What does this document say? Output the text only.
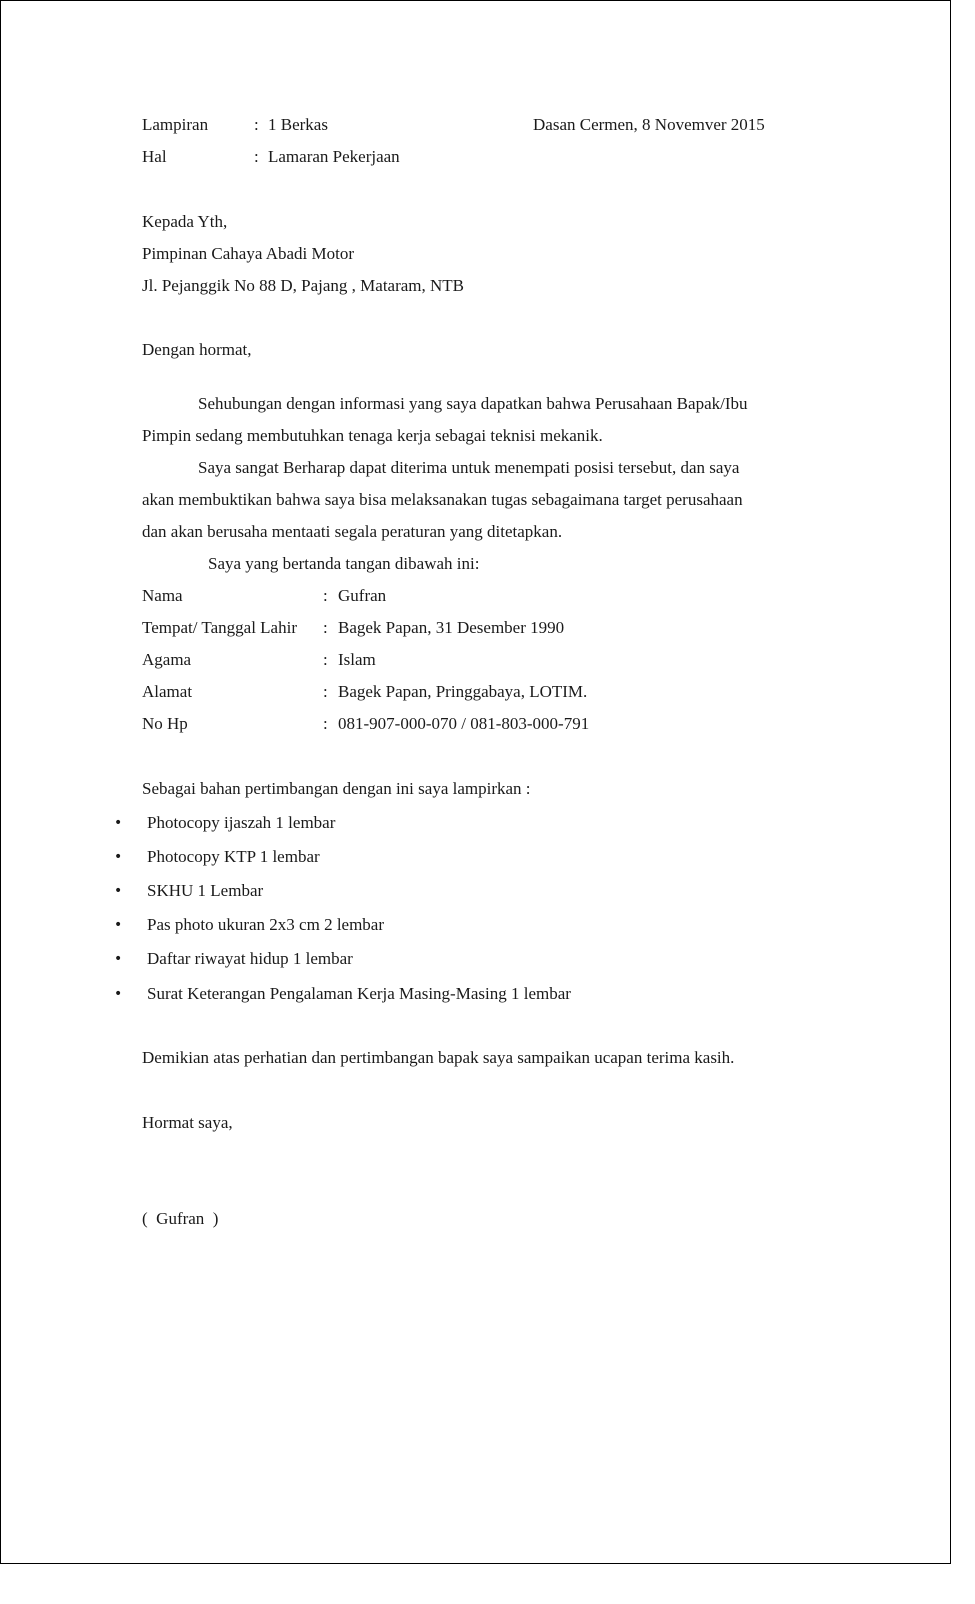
Lampiran	: 1 Berkas	Dasan Cermen, 8 Novemver 2015
Hal	: Lamaran Pekerjaan
Kepada Yth,
Pimpinan Cahaya Abadi Motor
Jl. Pejanggik No 88 D, Pajang , Mataram, NTB
Dengan hormat,
Sehubungan dengan informasi yang saya dapatkan bahwa Perusahaan Bapak/Ibu
Pimpin sedang membutuhkan tenaga kerja sebagai teknisi mekanik.
Saya sangat Berharap dapat diterima untuk menempati posisi tersebut, dan saya
akan membuktikan bahwa saya bisa melaksanakan tugas sebagaimana target perusahaan
dan akan berusaha mentaati segala peraturan yang ditetapkan.
Saya yang bertanda tangan dibawah ini:
Nama	: Gufran
Tempat/ Tanggal Lahir : Bagek Papan, 31 Desember 1990
Agama	: Islam
Alamat	: Bagek Papan, Pringgabaya, LOTIM.
No Hp	: 081-907-000-070 / 081-803-000-791
Sebagai bahan pertimbangan dengan ini saya lampirkan :
• Photocopy ijaszah 1 lembar
• Photocopy KTP 1 lembar
• SKHU 1 Lembar
• Pas photo ukuran 2x3 cm 2 lembar
• Daftar riwayat hidup 1 lembar
• Surat Keterangan Pengalaman Kerja Masing-Masing 1 lembar
Demikian atas perhatian dan pertimbangan bapak saya sampaikan ucapan terima kasih.
Hormat saya,
(  Gufran  )
